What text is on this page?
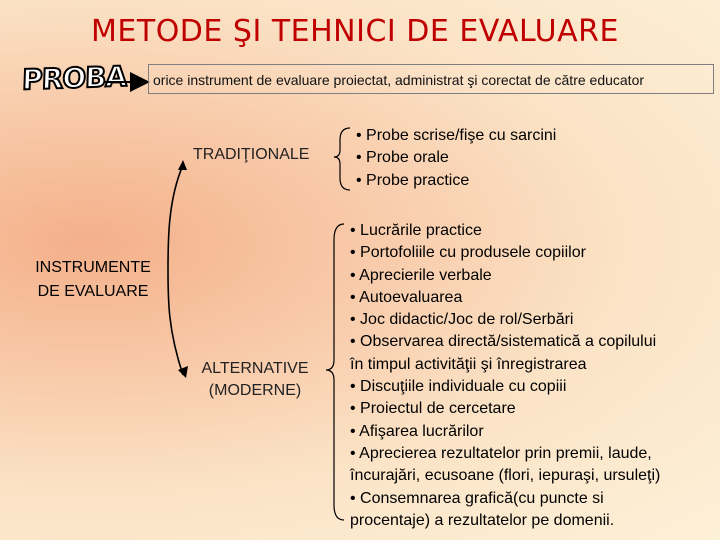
METODE ŞI TEHNICI DE EVALUARE
PROBA	orice instrument de evaluare proiectat, administrat şi corectat de către educator
TRADIŢIONALE
ALTERNATIVE
(MODERNE)
INSTRUMENTE
DE EVALUARE
• Probe scrise/fişe cu sarcini
• Probe orale
• Probe practice
• Lucrările practice
• Portofoliile cu produsele copiilor
• Aprecierile verbale
• Autoevaluarea
• Joc didactic/Joc de rol/Serbări
• Observarea directă/sistematică a copilului
în timpul activităţii şi înregistrarea
• Discuţiile individuale cu copiii
• Proiectul de cercetare
• Afişarea lucrărilor
• Aprecierea rezultatelor prin premii, laude,
încurajări, ecusoane (flori, iepuraşi, ursuleţi)
• Consemnarea grafică(cu puncte si
procentaje) a rezultatelor pe domenii.
